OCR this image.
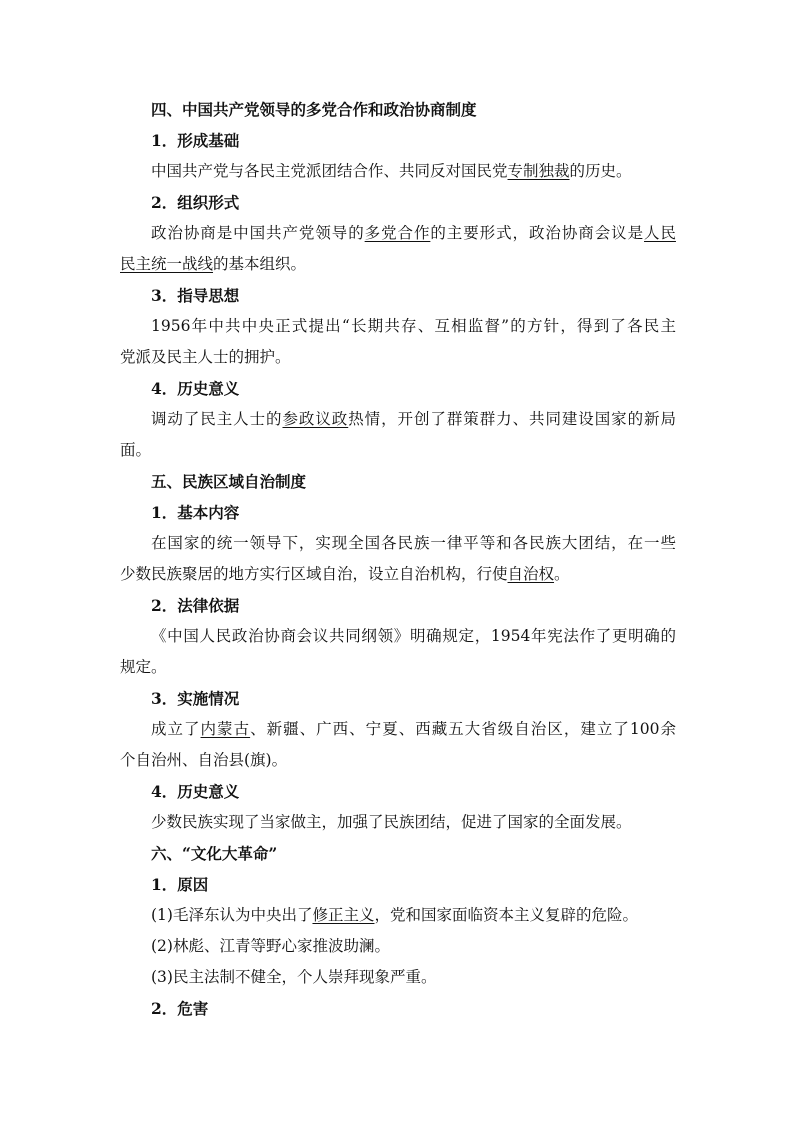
四、中国共产党领导的多党合作和政治协商制度
1．形成基础
中国共产党与各民主党派团结合作、共同反对国民党专制独裁的历史。
2．组织形式
政治协商是中国共产党领导的多党合作的主要形式，政治协商会议是人民
民主统一战线的基本组织。
3．指导思想
1956年中共中央正式提出“长期共存、互相监督”的方针，得到了各民主
党派及民主人士的拥护。
4．历史意义
调动了民主人士的参政议政热情，开创了群策群力、共同建设国家的新局
面。
五、民族区域自治制度
1．基本内容
在国家的统一领导下，实现全国各民族一律平等和各民族大团结，在一些
少数民族聚居的地方实行区域自治，设立自治机构，行使自治权。
2．法律依据
《中国人民政治协商会议共同纲领》明确规定，1954年宪法作了更明确的
规定。
3．实施情况
成立了内蒙古、新疆、广西、宁夏、西藏五大省级自治区，建立了100余
个自治州、自治县(旗)。
4．历史意义
少数民族实现了当家做主，加强了民族团结，促进了国家的全面发展。
六、“文化大革命”
1．原因
(1)毛泽东认为中央出了修正主义，党和国家面临资本主义复辟的危险。
(2)林彪、江青等野心家推波助澜。
(3)民主法制不健全，个人崇拜现象严重。
2．危害
